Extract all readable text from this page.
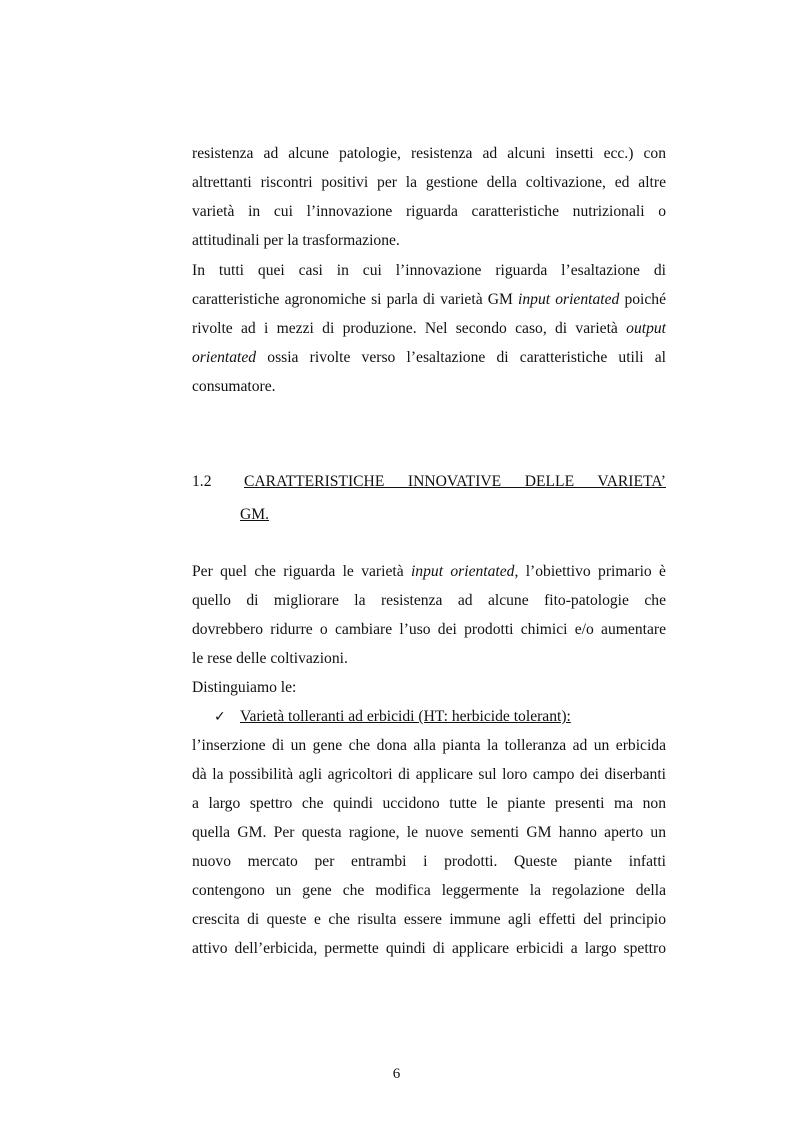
resistenza ad alcune patologie, resistenza ad alcuni insetti ecc.) con
altrettanti riscontri positivi per la gestione della coltivazione, ed altre
varietà in cui l’innovazione riguarda caratteristiche nutrizionali o
attitudinali per la trasformazione.
In tutti quei casi in cui l’innovazione riguarda l’esaltazione di
caratteristiche agronomiche si parla di varietà GM input orientated poiché
rivolte ad i mezzi di produzione. Nel secondo caso, di varietà output
orientated ossia rivolte verso l’esaltazione di caratteristiche utili al
consumatore.
1.2 CARATTERISTICHE INNOVATIVE DELLE VARIETA’
GM.
Per quel che riguarda le varietà input orientated, l’obiettivo primario è
quello di migliorare la resistenza ad alcune fito-patologie che
dovrebbero ridurre o cambiare l’uso dei prodotti chimici e/o aumentare
le rese delle coltivazioni.
Distinguiamo le:
✓ Varietà tolleranti ad erbicidi (HT: herbicide tolerant):
l’inserzione di un gene che dona alla pianta la tolleranza ad un erbicida
dà la possibilità agli agricoltori di applicare sul loro campo dei diserbanti
a largo spettro che quindi uccidono tutte le piante presenti ma non
quella GM. Per questa ragione, le nuove sementi GM hanno aperto un
nuovo mercato per entrambi i prodotti. Queste piante infatti
contengono un gene che modifica leggermente la regolazione della
crescita di queste e che risulta essere immune agli effetti del principio
attivo dell’erbicida, permette quindi di applicare erbicidi a largo spettro
6
